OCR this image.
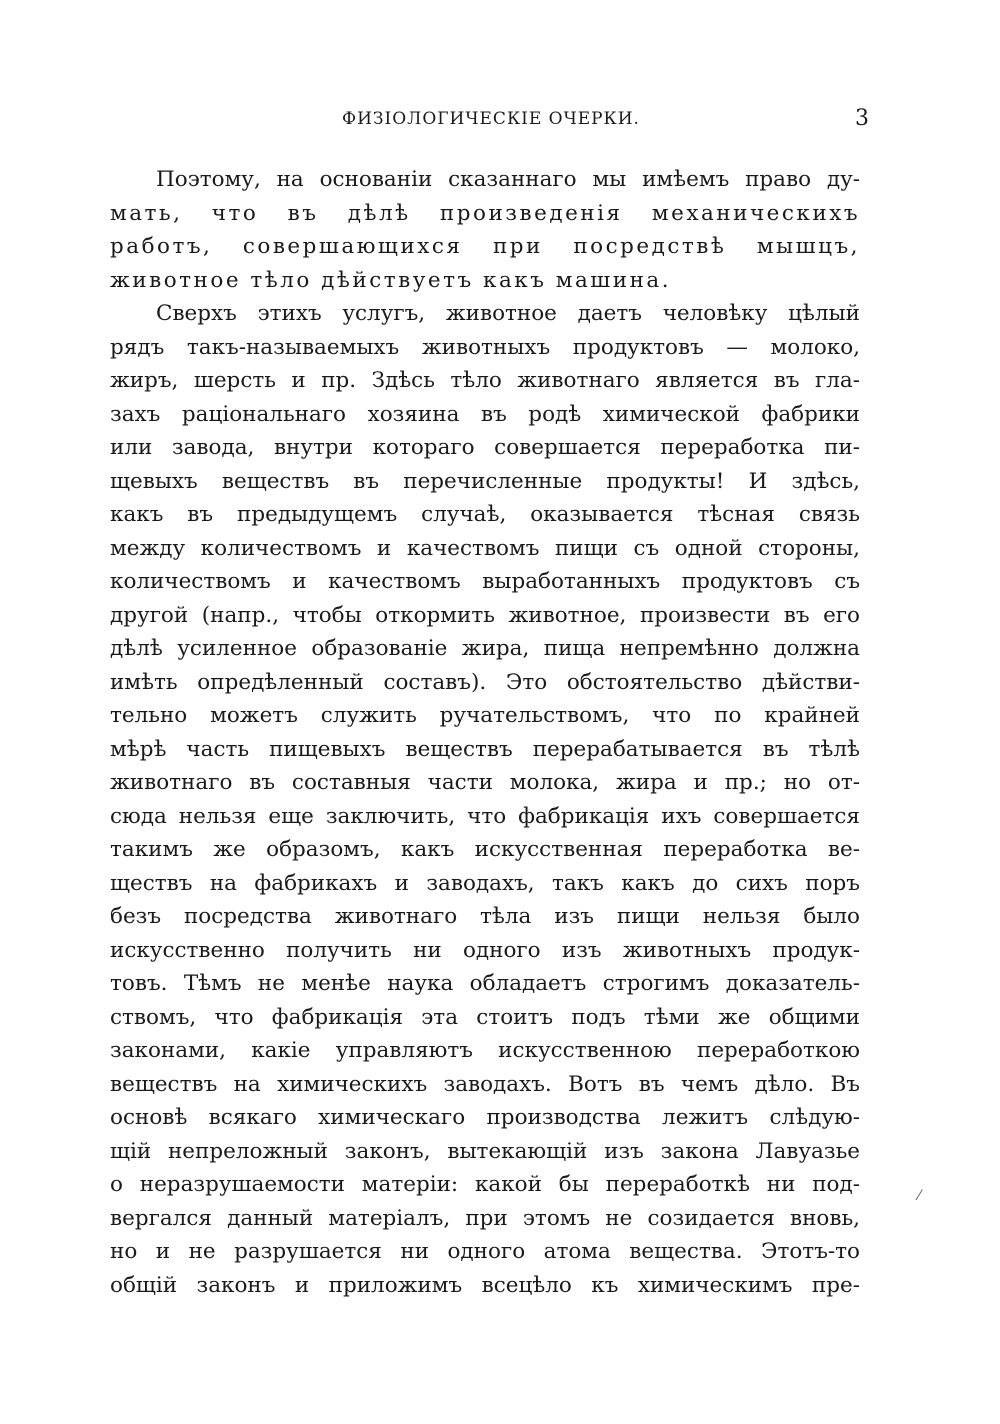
ФИЗІОЛОГИЧЕСКІЕ ОЧЕРКИ.	3
Поэтому, на основаніи сказаннаго мы имѣемъ право ду-
мать, что въ дѣлѣ произведенія механическихъ
работъ, совершающихся при посредствѣ мышцъ,
животное тѣло дѣйствуетъ какъ машина.
Сверхъ этихъ услугъ, животное даетъ человѣку цѣлый
рядъ такъ-называемыхъ животныхъ продуктовъ — молоко,
жиръ, шерсть и пр. Здѣсь тѣло животнаго является въ гла-
захъ раціональнаго хозяина въ родѣ химической фабрики
или завода, внутри котораго совершается переработка пи-
щевыхъ веществъ въ перечисленные продукты! И здѣсь,
какъ въ предыдущемъ случаѣ, оказывается тѣсная связь
между количествомъ и качествомъ пищи съ одной стороны,
количествомъ и качествомъ выработанныхъ продуктовъ съ
другой (напр., чтобы откормить животное, произвести въ его
дѣлѣ усиленное образованіе жира, пища непремѣнно должна
имѣть опредѣленный составъ). Это обстоятельство дѣйстви-
тельно можетъ служить ручательствомъ, что по крайней
мѣрѣ часть пищевыхъ веществъ перерабатывается въ тѣлѣ
животнаго въ составныя части молока, жира и пр.; но от-
сюда нельзя еще заключить, что фабрикація ихъ совершается
такимъ же образомъ, какъ искусственная переработка ве-
ществъ на фабрикахъ и заводахъ, такъ какъ до сихъ поръ
безъ посредства животнаго тѣла изъ пищи нельзя было
искусственно получить ни одного изъ животныхъ продук-
товъ. Тѣмъ не менѣе наука обладаетъ строгимъ доказатель-
ствомъ, что фабрикація эта стоитъ подъ тѣми же общими
законами, какіе управляютъ искусственною переработкою
веществъ на химическихъ заводахъ. Вотъ въ чемъ дѣло. Въ
основѣ всякаго химическаго производства лежитъ слѣдую-
щій непреложный законъ, вытекающій изъ закона Лавуазье
о неразрушаемости матеріи: какой бы переработкѣ ни под-
вергался данный матеріалъ, при этомъ не созидается вновь,
но и не разрушается ни одного атома вещества. Этотъ-то
общій законъ и приложимъ всецѣло къ химическимъ пре-
⁄
